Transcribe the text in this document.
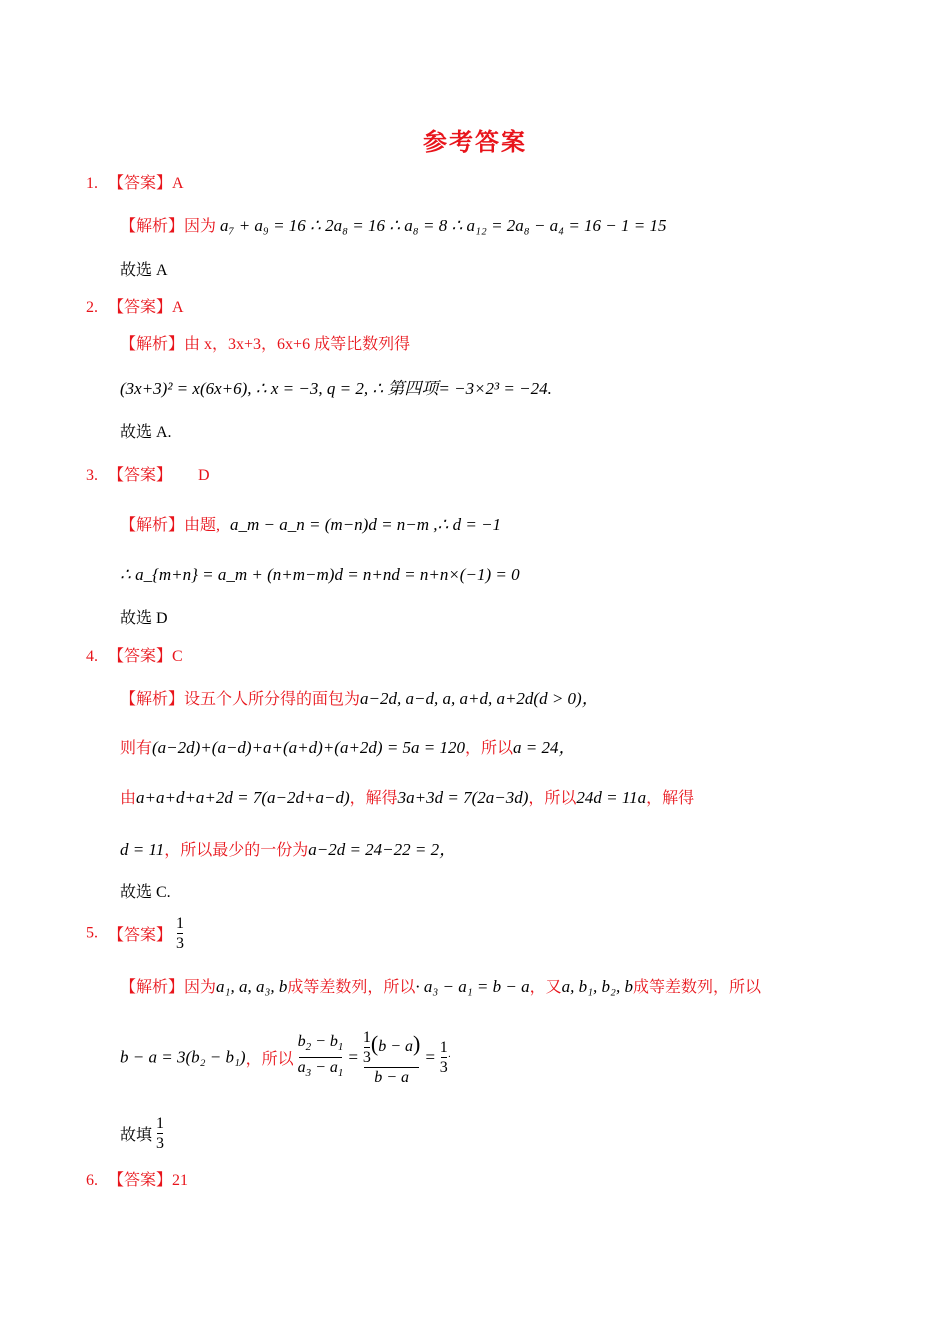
参考答案
1. 【答案】A
【解析】因为 a₇ + a₉ = 16 ∴ 2a₈ = 16 ∴ a₈ = 8 ∴ a₁₂ = 2a₈ − a₄ = 16 − 1 = 15
故选 A
2. 【答案】A
【解析】由 x，3x+3，6x+6 成等比数列得
(3x+3)² = x(6x+6), ∴ x = −3, q = 2, ∴ 第四项= −3×2³ = −24.
故选 A.
3. 【答案】 D
【解析】由题, a_m − a_n = (m−n)d = n−m ,∴ d = −1
∴ a_{m+n} = a_m + (n+m−m)d = n+nd = n+n×(−1) = 0
故选 D
4. 【答案】C
【解析】设五个人所分得的面包为a−2d, a−d, a, a+d, a+2d(d > 0)，
则有(a−2d)+(a−d)+a+(a+d)+(a+2d) = 5a = 120，所以a = 24，
由a+a+d+a+2d = 7(a−2d+a−d)，解得3a+3d = 7(2a−3d)，所以24d = 11a，解得
d = 11，所以最少的一份为a−2d = 24−22 = 2，
故选 C.
5. 【答案】 $\frac{1}{3}$
【解析】因为a₁, a, a₃, b成等差数列，所以· a₃ − a₁ = b − a，又a, b₁, b₂, b成等差数列，所以
b − a = 3(b₂ − b₁)，所以 $\frac{b_2 - b_1}{a_3 - a_1} = \frac{\frac{1}{3} (b - a)}{b - a} = \frac{1}{3}$ ·
故填 $\frac{1}{3}$
6. 【答案】21
